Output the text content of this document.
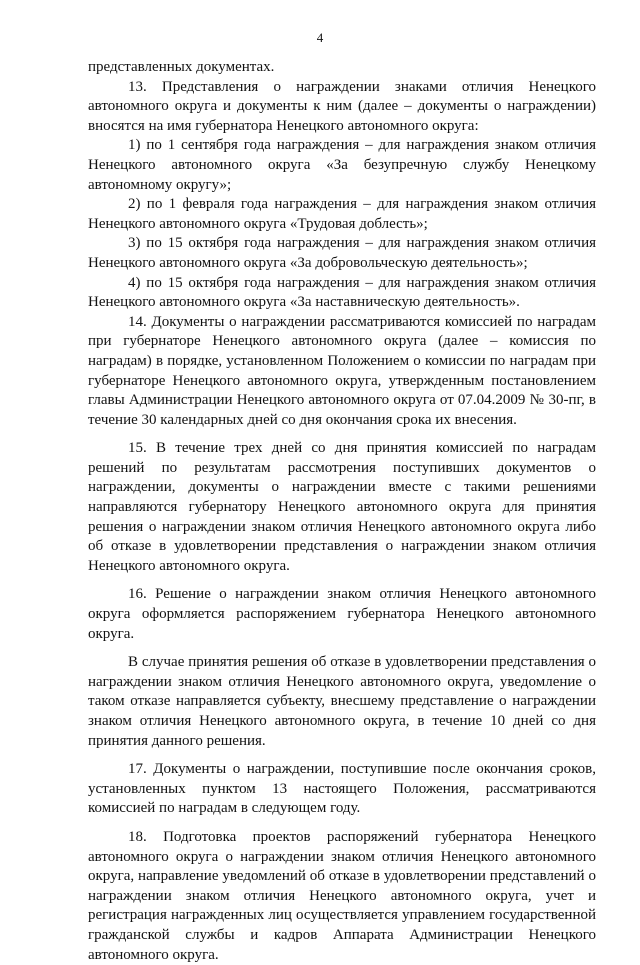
4

представленных документах.

13. Представления о награждении знаками отличия Ненецкого автономного округа и документы к ним (далее – документы о награждении) вносятся на имя губернатора Ненецкого автономного округа:

1) по 1 сентября года награждения – для награждения знаком отличия Ненецкого автономного округа «За безупречную службу Ненецкому автономному округу»;

2) по 1 февраля года награждения – для награждения знаком отличия Ненецкого автономного округа «Трудовая доблесть»;

3) по 15 октября года награждения – для награждения знаком отличия Ненецкого автономного округа «За добровольческую деятельность»;

4) по 15 октября года награждения – для награждения знаком отличия Ненецкого автономного округа «За наставническую деятельность».

14. Документы о награждении рассматриваются комиссией по наградам при губернаторе Ненецкого автономного округа (далее – комиссия по наградам) в порядке, установленном Положением о комиссии по наградам при губернаторе Ненецкого автономного округа, утвержденным постановлением главы Администрации Ненецкого автономного округа от 07.04.2009 № 30-пг, в течение 30 календарных дней со дня окончания срока их внесения.

15. В течение трех дней со дня принятия комиссией по наградам решений по результатам рассмотрения поступивших документов о награждении, документы о награждении вместе с такими решениями направляются губернатору Ненецкого автономного округа для принятия решения о награждении знаком отличия Ненецкого автономного округа либо об отказе в удовлетворении представления о награждении знаком отличия Ненецкого автономного округа.

16. Решение о награждении знаком отличия Ненецкого автономного округа оформляется распоряжением губернатора Ненецкого автономного округа.

В случае принятия решения об отказе в удовлетворении представления о награждении знаком отличия Ненецкого автономного округа, уведомление о таком отказе направляется субъекту, внесшему представление о награждении знаком отличия Ненецкого автономного округа, в течение 10 дней со дня принятия данного решения.

17. Документы о награждении, поступившие после окончания сроков, установленных пунктом 13 настоящего Положения, рассматриваются комиссией по наградам в следующем году.

18. Подготовка проектов распоряжений губернатора Ненецкого автономного округа о награждении знаком отличия Ненецкого автономного округа, направление уведомлений об отказе в удовлетворении представлений о награждении знаком отличия Ненецкого автономного округа, учет и регистрация награжденных лиц осуществляется управлением государственной гражданской службы и кадров Аппарата Администрации Ненецкого автономного округа.
